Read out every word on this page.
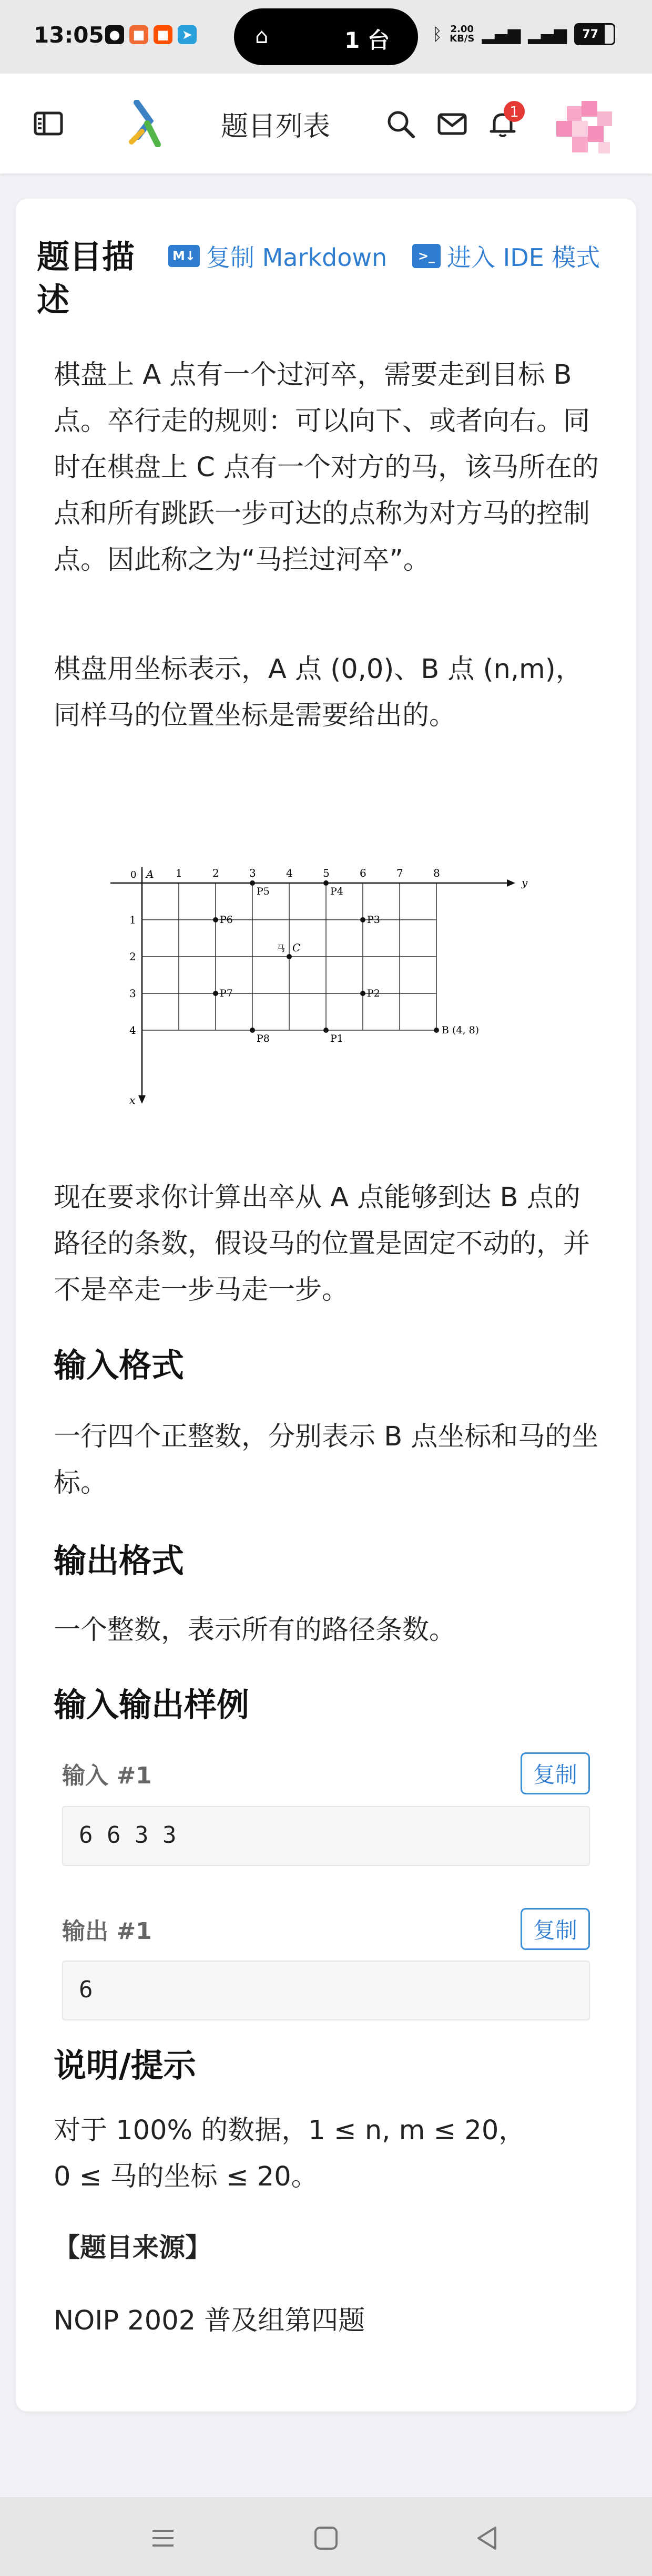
13:05 ●	■ ■	➤	⌂	1 台	ᛒ 2.00
KB/S ▂▄▆ ▂▄▆	77
题目列表	1
题目描述
M↓ 复制 Markdown	>_ 进入 IDE 模式
棋盘上 A 点有一个过河卒，需要走到目标 B 点。卒行走的规则：可以向下、或者向右。同时在棋盘上 C 点有一个对方的马，该马所在的点和所有跳跃一步可达的点称为对方马的控制点。因此称之为“马拦过河卒”。
棋盘用坐标表示，A 点 (0,0)、B 点 (n,m)，同样马的位置坐标是需要给出的。
y
x
1	2	3	4	5	6	7	8
1
2
3
4
0 A
B (4, 8)
马 C
P1
P2
P3
P4
P5
P6
P7
P8
现在要求你计算出卒从 A 点能够到达 B 点的路径的条数，假设马的位置是固定不动的，并不是卒走一步马走一步。
输入格式
一行四个正整数，分别表示 B 点坐标和马的坐标。
输出格式
一个整数，表示所有的路径条数。
输入输出样例
输入 #1	复制
6 6 3 3
输出 #1	复制
6
说明/提示
对于 100% 的数据，1 ≤ n, m ≤ 20，
0 ≤ 马的坐标 ≤ 20。
【题目来源】
NOIP 2002 普及组第四题
